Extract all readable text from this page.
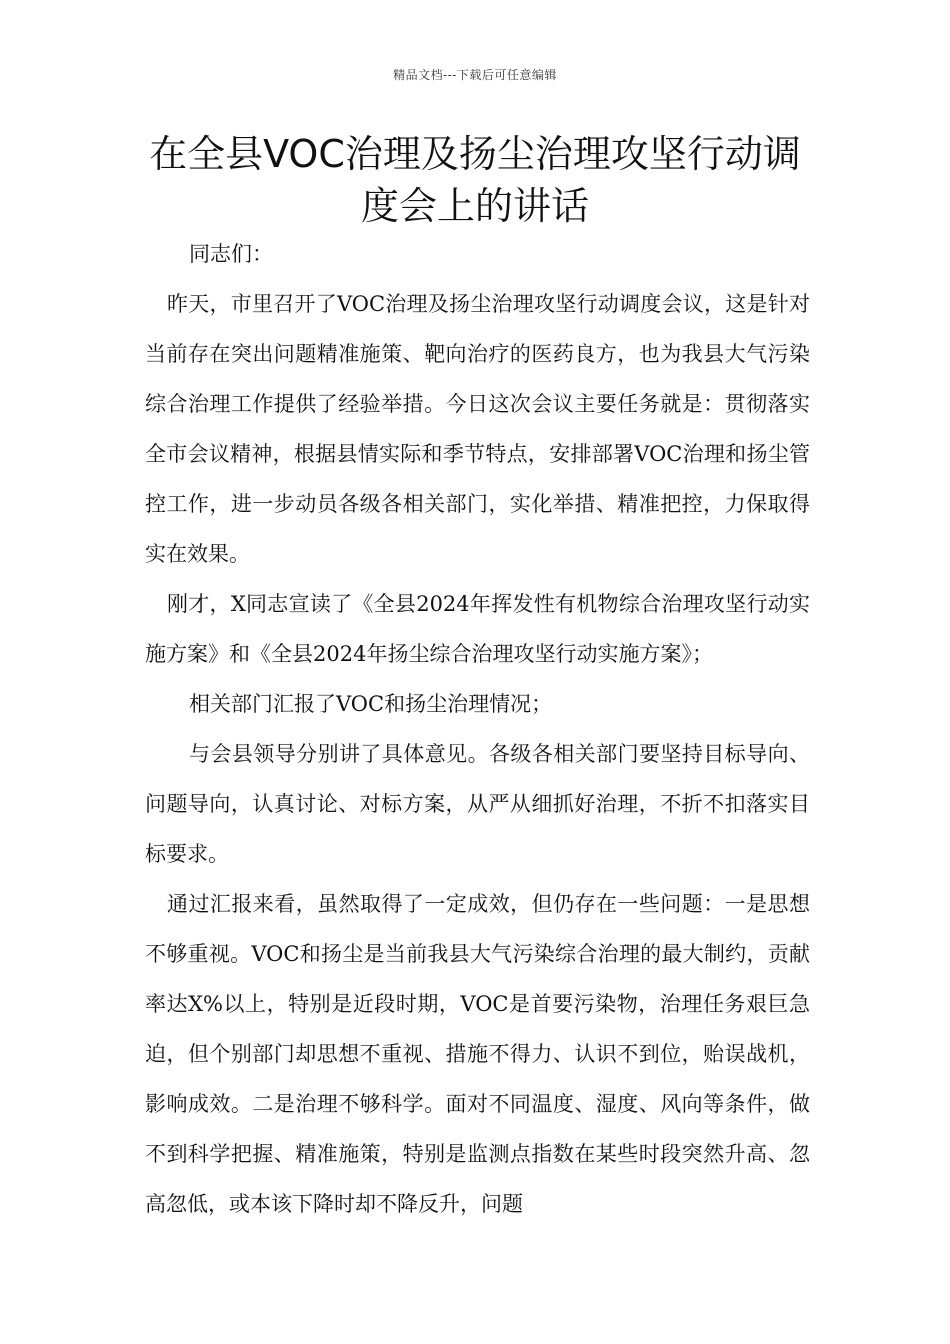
精品文档---下载后可任意编辑
在全县VOC治理及扬尘治理攻坚行动调度会上的讲话

同志们：

昨天，市里召开了VOC治理及扬尘治理攻坚行动调度会议，这是针对当前存在突出问题精准施策、靶向治疗的医药良方，也为我县大气污染综合治理工作提供了经验举措。今日这次会议主要任务就是：贯彻落实全市会议精神，根据县情实际和季节特点，安排部署VOC治理和扬尘管控工作，进一步动员各级各相关部门，实化举措、精准把控，力保取得实在效果。

刚才，X同志宣读了《全县2024年挥发性有机物综合治理攻坚行动实施方案》和《全县2024年扬尘综合治理攻坚行动实施方案》；

相关部门汇报了VOC和扬尘治理情况；

与会县领导分别讲了具体意见。各级各相关部门要坚持目标导向、问题导向，认真讨论、对标方案，从严从细抓好治理，不折不扣落实目标要求。

通过汇报来看，虽然取得了一定成效，但仍存在一些问题：一是思想不够重视。VOC和扬尘是当前我县大气污染综合治理的最大制约，贡献率达X%以上，特别是近段时期，VOC是首要污染物，治理任务艰巨急迫，但个别部门却思想不重视、措施不得力、认识不到位，贻误战机，影响成效。二是治理不够科学。面对不同温度、湿度、风向等条件，做不到科学把握、精准施策，特别是监测点指数在某些时段突然升高、忽高忽低，或本该下降时却不降反升，问题
